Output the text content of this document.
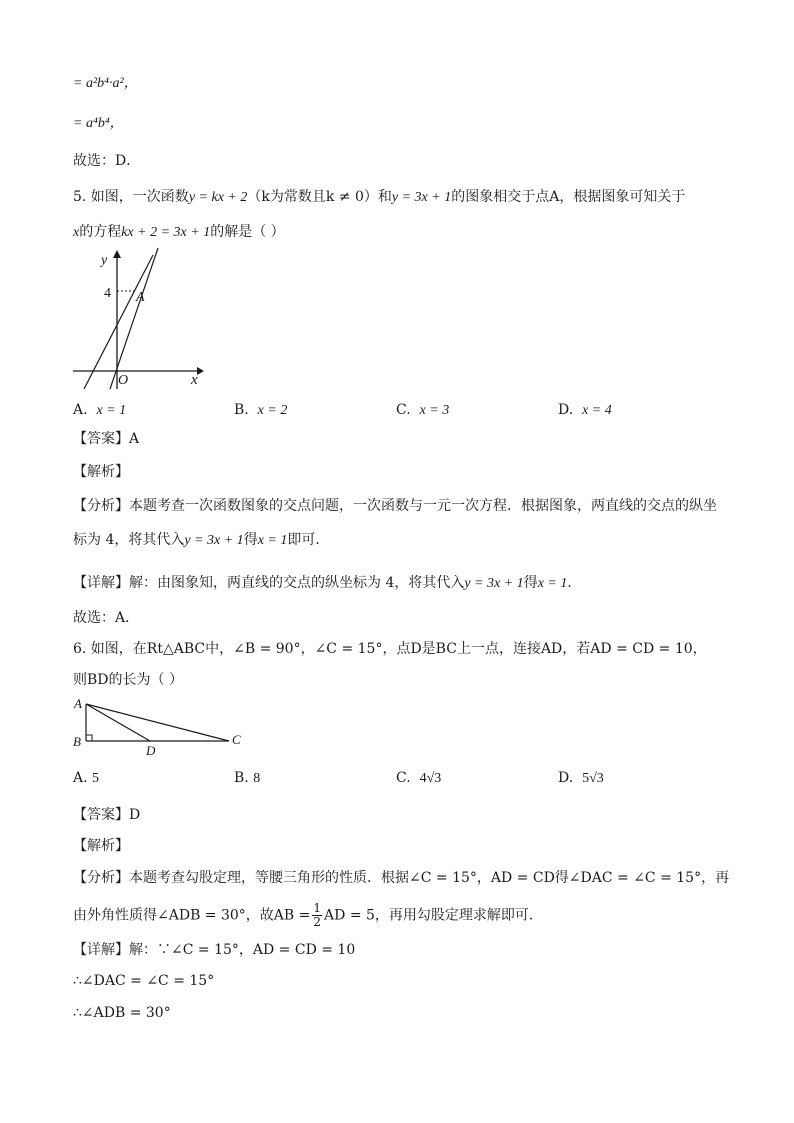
= a²b⁴·a²，
= a⁴b⁴，
故选：D．
5. 如图，一次函数y = kx + 2（k为常数且k ≠ 0）和y = 3x + 1的图象相交于点A，根据图象可知关于
x的方程kx + 2 = 3x + 1的解是（ ）
y
x
O
4 A
A. x = 1	B. x = 2	C. x = 3	D. x = 4
【答案】A
【解析】
【分析】本题考查一次函数图象的交点问题，一次函数与一元一次方程．根据图象，两直线的交点的纵坐
标为 4，将其代入y = 3x + 1得x = 1即可．
【详解】解：由图象知，两直线的交点的纵坐标为 4，将其代入y = 3x + 1得x = 1．
故选：A．
6. 如图，在Rt△ABC中，∠B = 90°，∠C = 15°，点D是BC上一点，连接AD，若AD = CD = 10，
则BD的长为（ ）
A
B	C
D
A. 5	B. 8	C. 4√3	D. 5√3
【答案】D
【解析】
【分析】本题考查勾股定理，等腰三角形的性质．根据∠C = 15°，AD = CD得∠DAC = ∠C = 15°，再
由外角性质得∠ADB = 30°，故AB = $\frac{1}{2}$ AD = 5，再用勾股定理求解即可．
【详解】解：∵∠C = 15°，AD = CD = 10
∴∠DAC = ∠C = 15°
∴∠ADB = 30°
